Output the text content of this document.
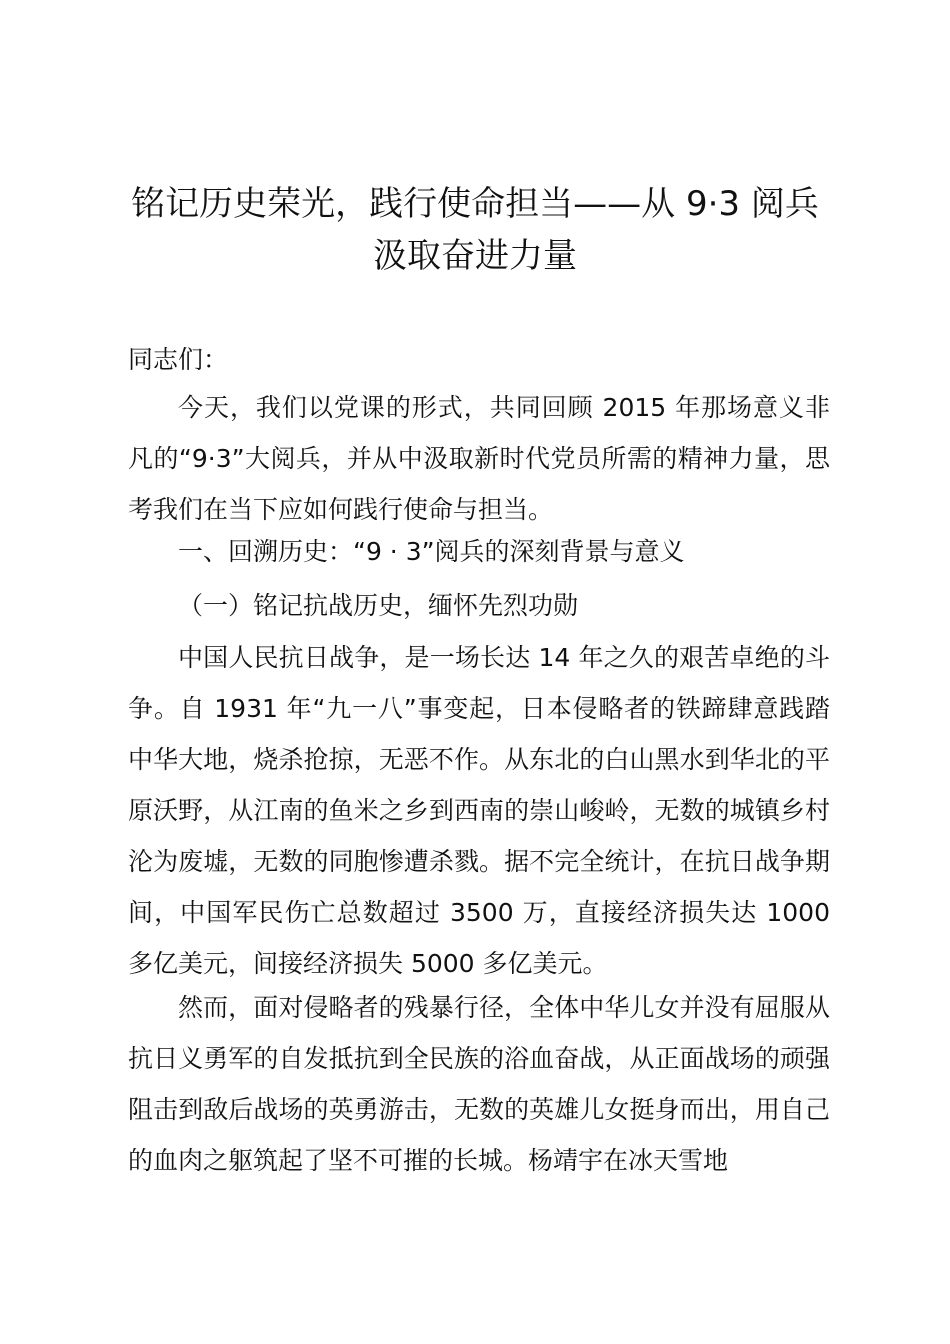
铭记历史荣光，践行使命担当——从 9·3 阅兵汲取奋进力量

同志们：

今天，我们以党课的形式，共同回顾 2015 年那场意义非凡的“9·3”大阅兵，并从中汲取新时代党员所需的精神力量，思考我们在当下应如何践行使命与担当。

一、回溯历史：“9 · 3”阅兵的深刻背景与意义

（一）铭记抗战历史，缅怀先烈功勋

中国人民抗日战争，是一场长达 14 年之久的艰苦卓绝的斗争。自 1931 年“九一八”事变起，日本侵略者的铁蹄肆意践踏中华大地，烧杀抢掠，无恶不作。从东北的白山黑水到华北的平原沃野，从江南的鱼米之乡到西南的崇山峻岭，无数的城镇乡村沦为废墟，无数的同胞惨遭杀戮。据不完全统计，在抗日战争期间，中国军民伤亡总数超过 3500 万，直接经济损失达 1000 多亿美元，间接经济损失 5000 多亿美元。

然而，面对侵略者的残暴行径，全体中华儿女并没有屈服从抗日义勇军的自发抵抗到全民族的浴血奋战，从正面战场的顽强阻击到敌后战场的英勇游击，无数的英雄儿女挺身而出，用自己的血肉之躯筑起了坚不可摧的长城。杨靖宇在冰天雪地
